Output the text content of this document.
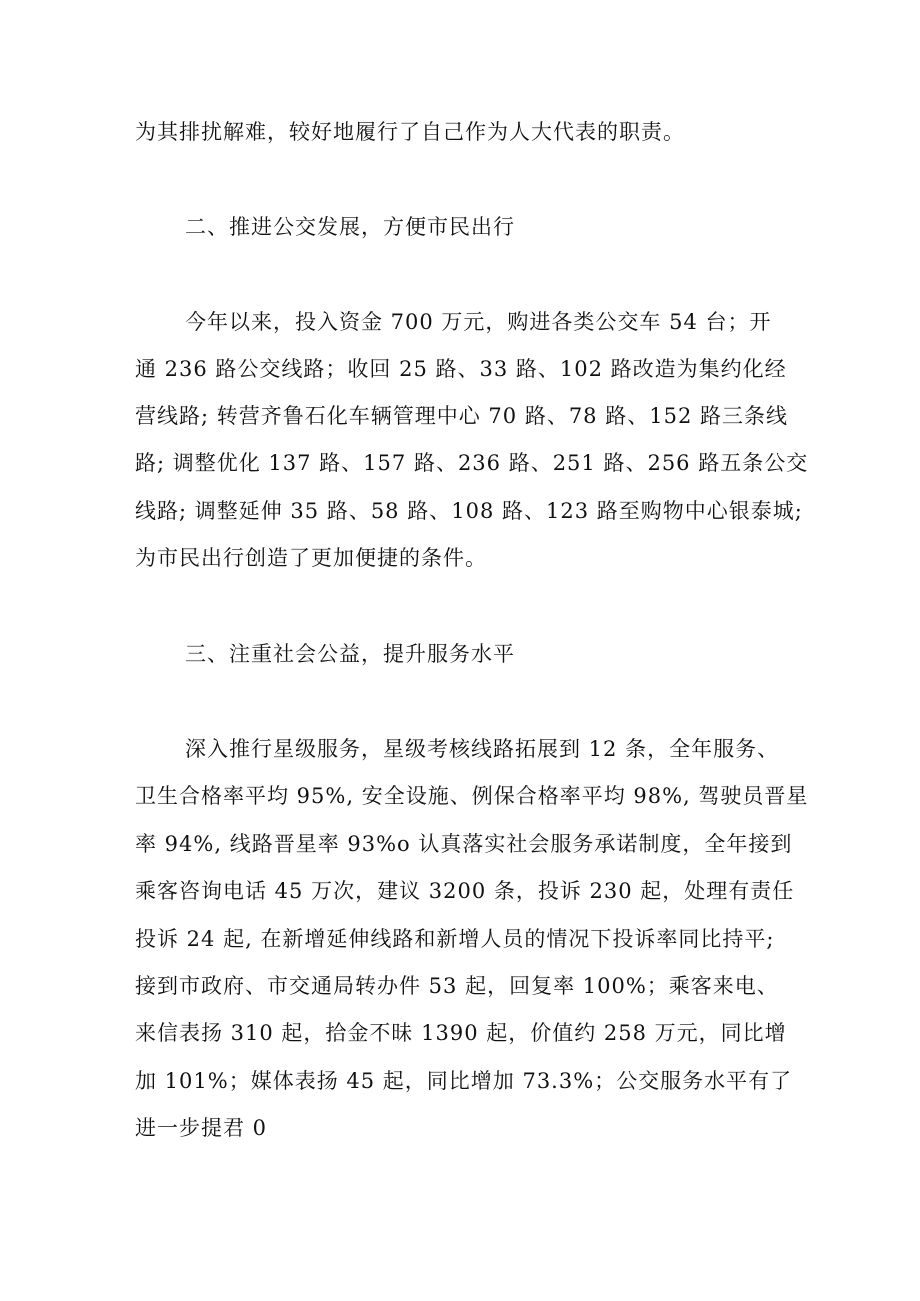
为其排扰解难，较好地履行了自己作为人大代表的职责。
二、推进公交发展，方便市民出行
今年以来，投入资金 700 万元，购进各类公交车 54 台；开
通 236 路公交线路；收回 25 路、33 路、102 路改造为集约化经
营线路; 转营齐鲁石化车辆管理中心 70 路、78 路、152 路三条线
路; 调整优化 137 路、157 路、236 路、251 路、256 路五条公交
线路; 调整延伸 35 路、58 路、108 路、123 路至购物中心银泰城;
为市民出行创造了更加便捷的条件。
三、注重社会公益，提升服务水平
深入推行星级服务，星级考核线路拓展到 12 条，全年服务、
卫生合格率平均 95%, 安全设施、例保合格率平均 98%, 驾驶员晋星
率 94%, 线路晋星率 93%o 认真落实社会服务承诺制度，全年接到
乘客咨询电话 45 万次，建议 3200 条，投诉 230 起，处理有责任
投诉 24 起, 在新增延伸线路和新增人员的情况下投诉率同比持平;
接到市政府、市交通局转办件 53 起，回复率 100%；乘客来电、
来信表扬 310 起，拾金不昧 1390 起，价值约 258 万元，同比增
加 101%；媒体表扬 45 起，同比增加 73.3%；公交服务水平有了
进一步提君 0
